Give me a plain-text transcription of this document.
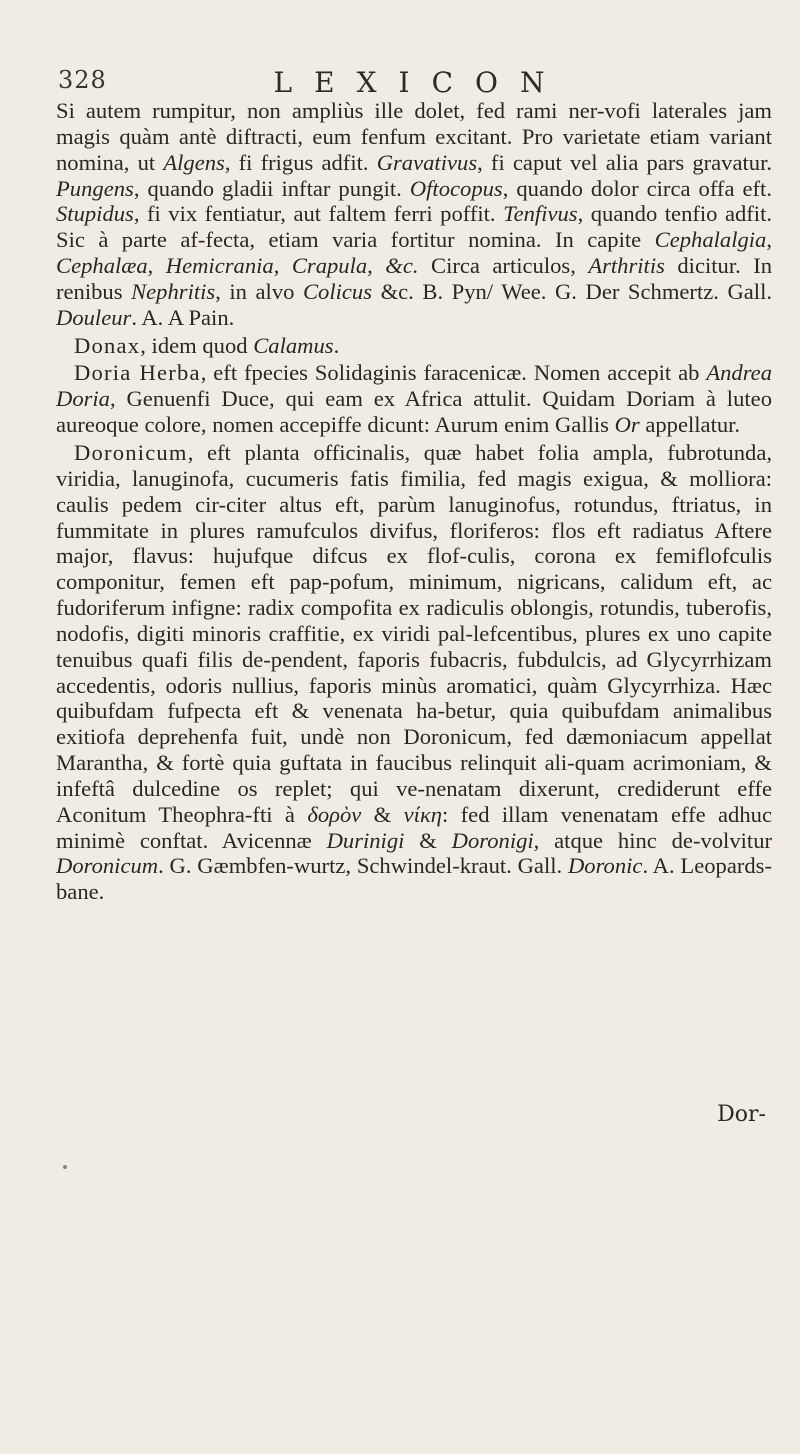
328	LEXICON

Si autem rumpitur, non ampliùs ille dolet, fed rami ner-vofi laterales jam magis quàm antè diftracti, eum fenfum excitant. Pro varietate etiam variant nomina, ut Algens, fi frigus adfit. Gravativus, fi caput vel alia pars gravatur. Pungens, quando gladii inftar pungit. Oftocopus, quando dolor circa offa eft. Stupidus, fi vix fentiatur, aut faltem ferri poffit. Tenfivus, quando tenfio adfit. Sic à parte af-fecta, etiam varia fortitur nomina. In capite Cephalalgia, Cephalæa, Hemicrania, Crapula, &c. Circa articulos, Arthritis dicitur. In renibus Nephritis, in alvo Colicus &c. B. Pyn/ Wee. G. Der Schmertz. Gall. Douleur. A. A Pain.

Donax, idem quod Calamus.

Doria Herba, eft fpecies Solidaginis faracenicæ. Nomen accepit ab Andrea Doria, Genuenfi Duce, qui eam ex Africa attulit. Quidam Doriam à luteo aureoque colore, nomen accepiffe dicunt: Aurum enim Gallis Or appellatur.

Doronicum, eft planta officinalis, quæ habet folia ampla, fubrotunda, viridia, lanuginofa, cucumeris fatis fimilia, fed magis exigua, & molliora: caulis pedem cir-citer altus eft, parùm lanuginofus, rotundus, ftriatus, in fummitate in plures ramufculos divifus, floriferos: flos eft radiatus Aftere major, flavus: hujufque difcus ex flof-culis, corona ex femiflofculis componitur, femen eft pap-pofum, minimum, nigricans, calidum eft, ac fudoriferum infigne: radix compofita ex radiculis oblongis, rotundis, tuberofis, nodofis, digiti minoris craffitie, ex viridi pal-lefcentibus, plures ex uno capite tenuibus quafi filis de-pendent, faporis fubacris, fubdulcis, ad Glycyrrhizam accedentis, odoris nullius, faporis minùs aromatici, quàm Glycyrrhiza. Hæc quibufdam fufpecta eft & venenata ha-betur, quia quibufdam animalibus exitiofa deprehenfa fuit, undè non Doronicum, fed dæmoniacum appellat Marantha, & fortè quia guftata in faucibus relinquit ali-quam acrimoniam, & infeftâ dulcedine os replet; qui ve-nenatam dixerunt, crediderunt effe Aconitum Theophra-fti à δορὸν & νίκη: fed illam venenatam effe adhuc minimè conftat. Avicennæ Durinigi & Doronigi, atque hinc de-volvitur Doronicum. G. Gæmbfen-wurtz, Schwindel-kraut. Gall. Doronic. A. Leopards-bane.

Dor-
